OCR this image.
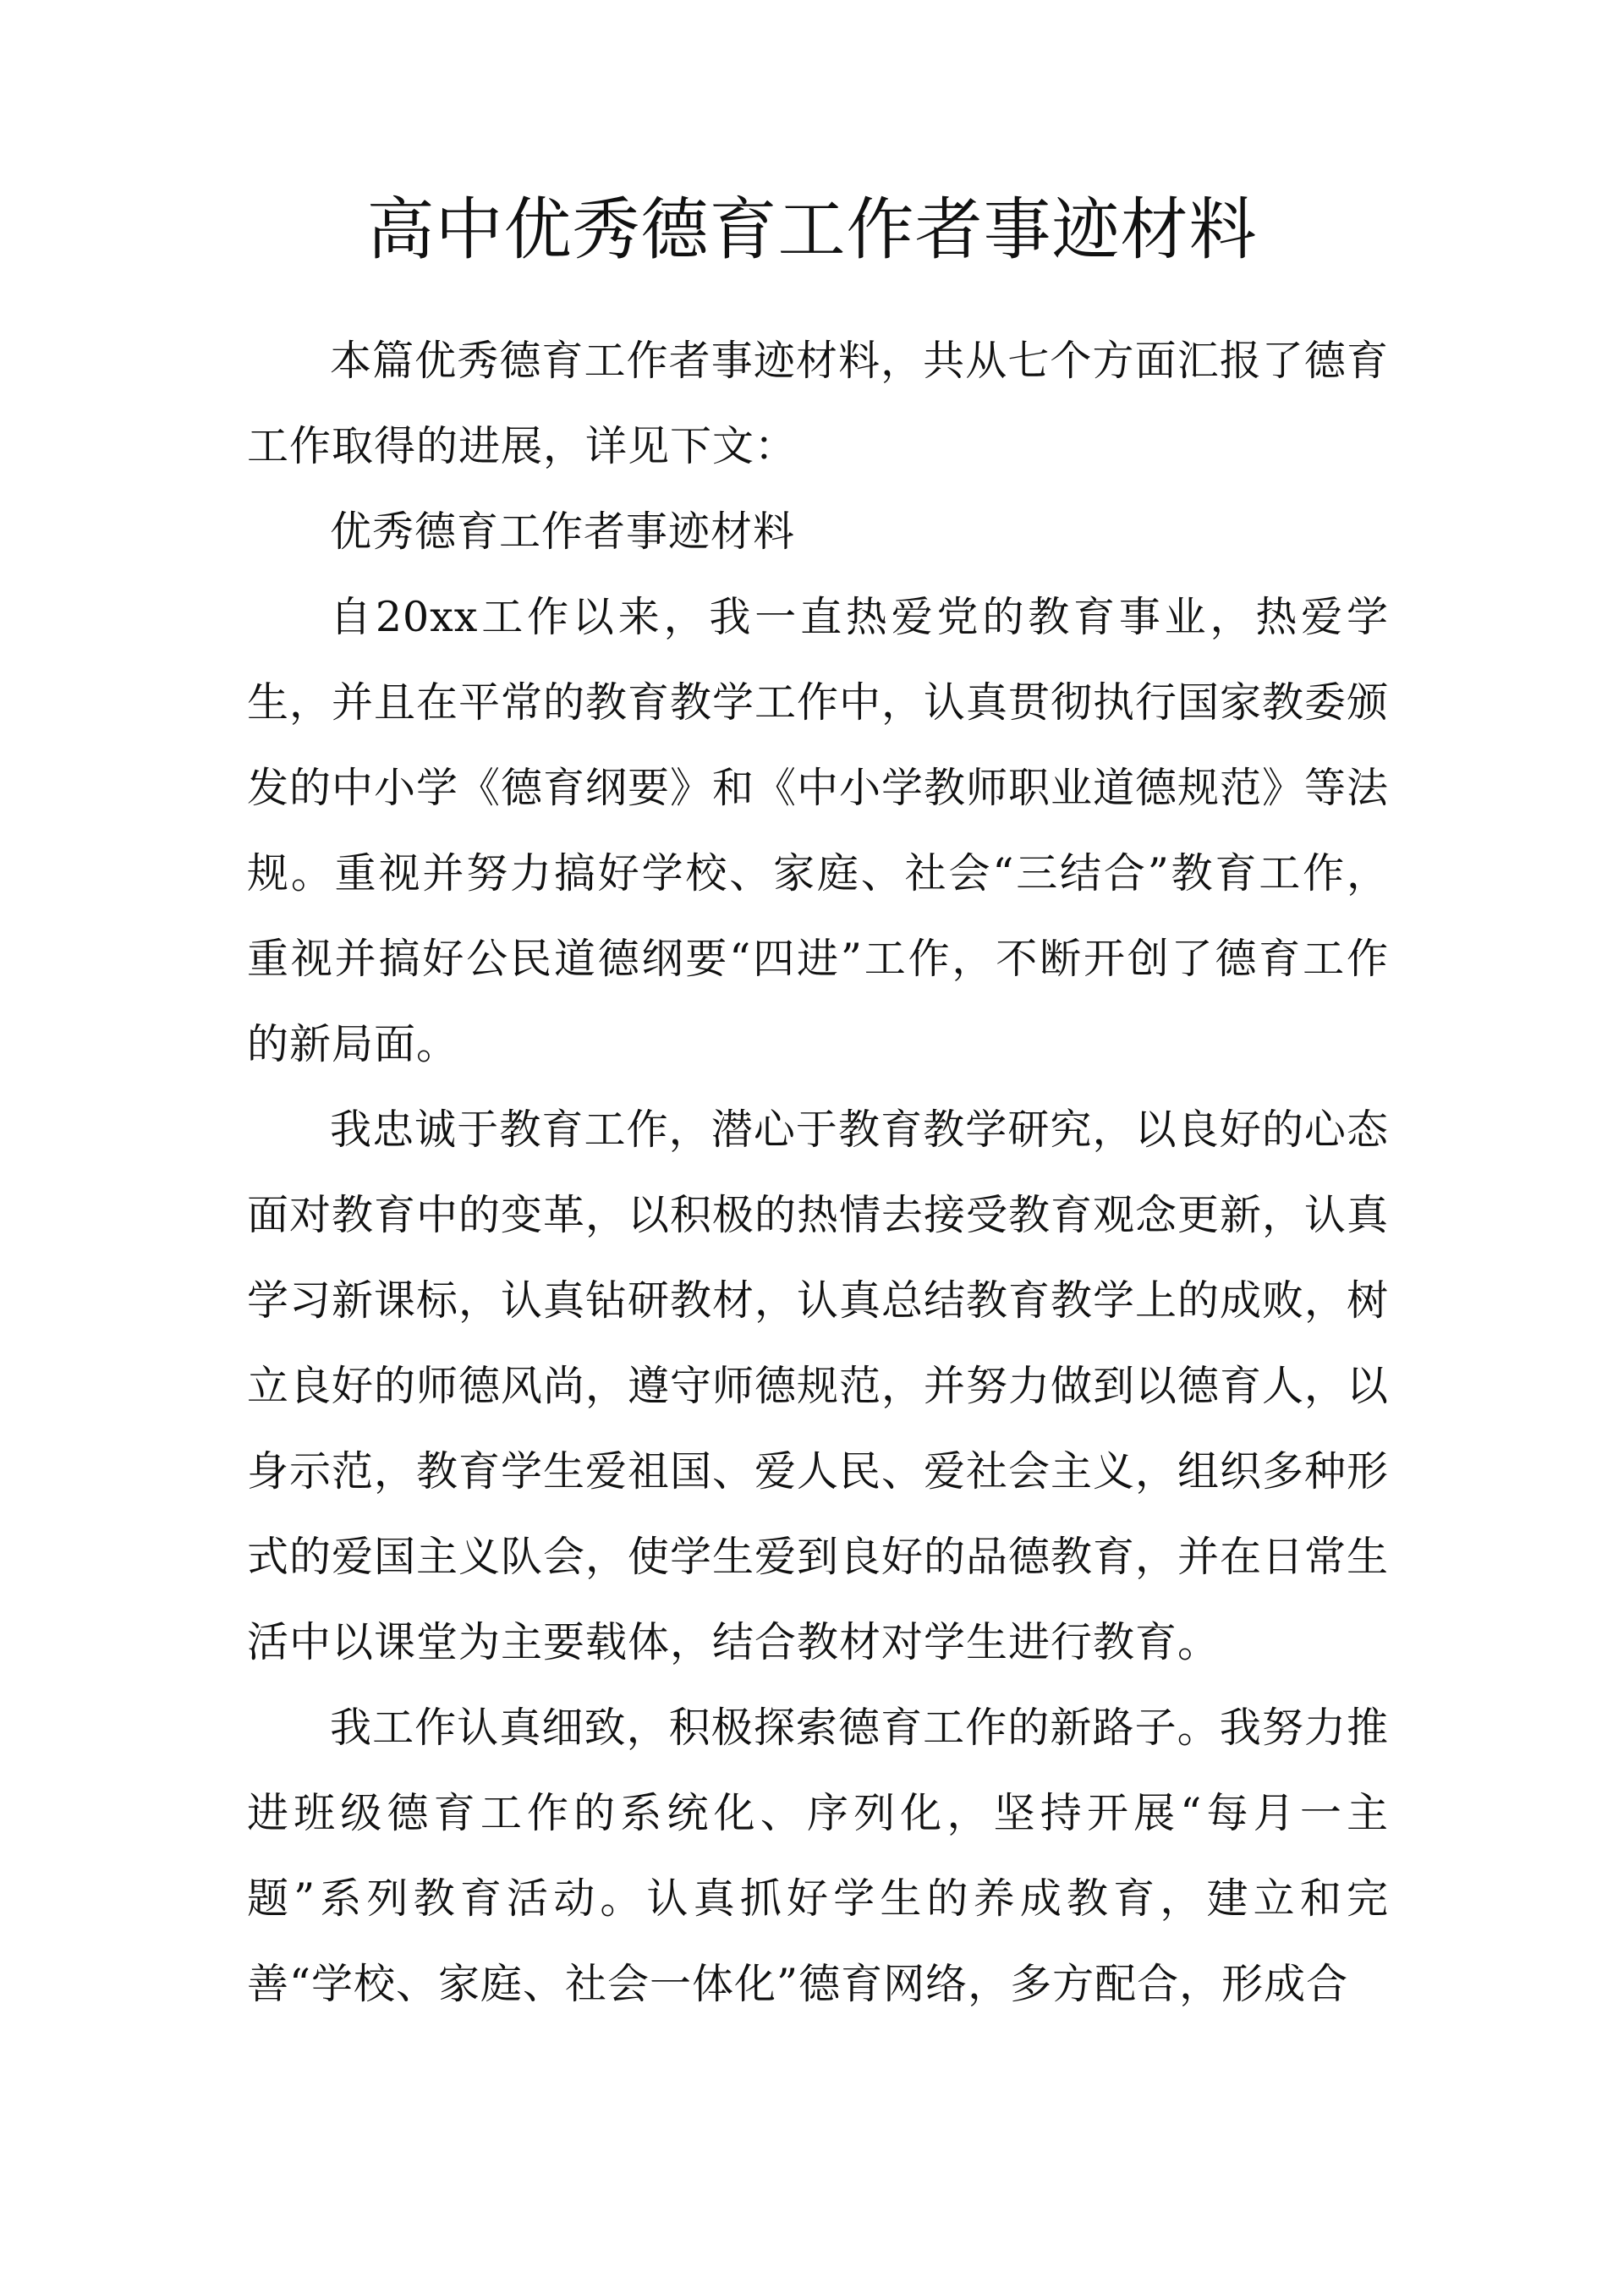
高中优秀德育工作者事迹材料

本篇优秀德育工作者事迹材料，共从七个方面汇报了德育工作取得的进展，详见下文：

优秀德育工作者事迹材料

自20xx工作以来，我一直热爱党的教育事业，热爱学生，并且在平常的教育教学工作中，认真贯彻执行国家教委颁发的中小学《德育纲要》和《中小学教师职业道德规范》等法规。重视并努力搞好学校、家庭、社会“三结合”教育工作，重视并搞好公民道德纲要“四进”工作，不断开创了德育工作的新局面。

我忠诚于教育工作，潜心于教育教学研究，以良好的心态面对教育中的变革，以积极的热情去接受教育观念更新，认真学习新课标，认真钻研教材，认真总结教育教学上的成败，树立良好的师德风尚，遵守师德规范，并努力做到以德育人，以身示范，教育学生爱祖国、爱人民、爱社会主义，组织多种形式的爱国主义队会，使学生爱到良好的品德教育，并在日常生活中以课堂为主要载体，结合教材对学生进行教育。

我工作认真细致，积极探索德育工作的新路子。我努力推进班级德育工作的系统化、序列化，坚持开展“每月一主题”系列教育活动。认真抓好学生的养成教育，建立和完善“学校、家庭、社会一体化”德育网络，多方配合，形成合
